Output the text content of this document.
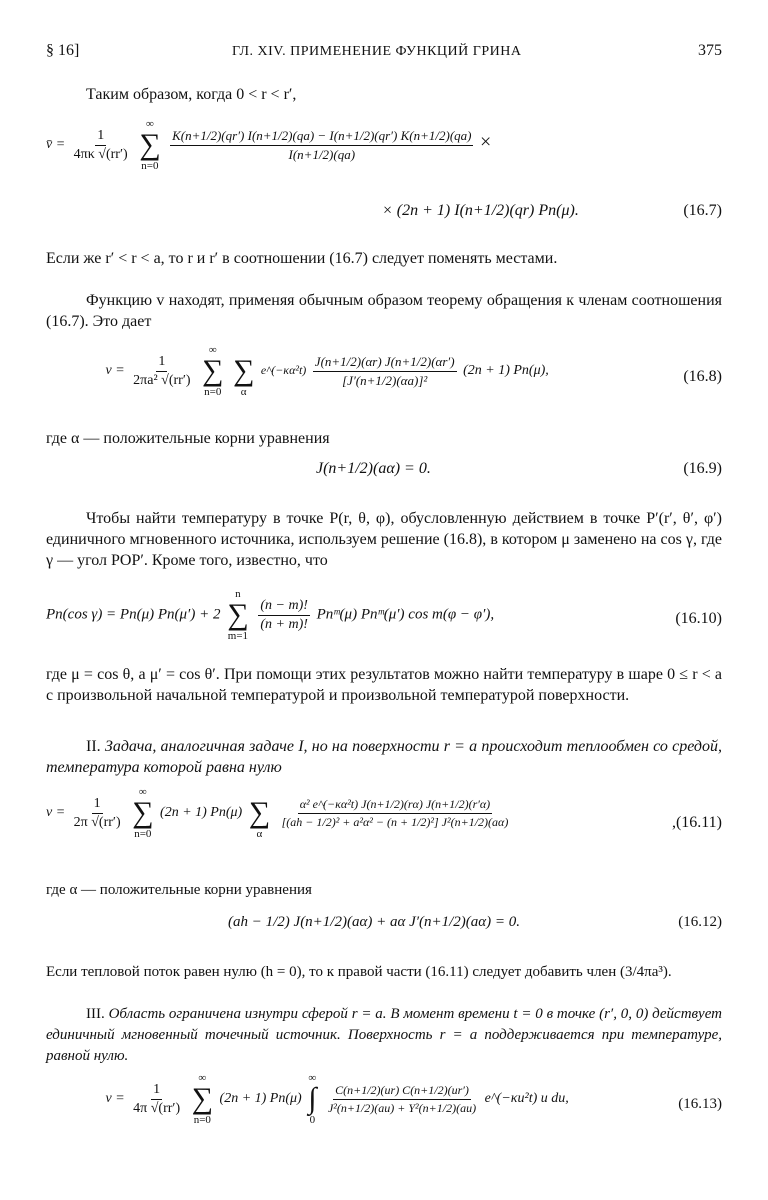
§ 16]	ГЛ. XIV. ПРИМЕНЕНИЕ ФУНКЦИЙ ГРИНА	375
Таким образом, когда 0 < r < r′,
v̄ = $\frac{1}{4\pi\kappa √(rr')}$

∞
∑
n=0

$\frac{K(n+1/2)(qr') I(n+1/2)(qa) - I(n+1/2)(qr') K(n+1/2)(qa)}{I(n+1/2)(qa)}$ ×
× (2n + 1) I(n+1/2)(qr) Pn(μ).	(16.7)
Если же r′ < r < a, то r и r′ в соотношении (16.7) следует поменять местами.
Функцию v находят, применяя обычным образом теорему обращения к членам соотношения (16.7). Это дает
$v = \frac{1}{\text{2πa² √(rr′)}}$

∞
∑
n=0

∑
α
e^(−κα²t) $\frac{J(n+1/2)(\alpha r) J(n+1/2)(\alpha r')}{\text{[J′(n+1/2)(αa)]²}} (2n + 1)$ Pn(μ),	(16.8)
где α — положительные корни уравнения
J(n+1/2)(aα) = 0.	(16.9)
Чтобы найти температуру в точке P(r, θ, φ), обусловленную действием в точке P′(r′, θ′, φ′) единичного мгновенного источника, используем решение (16.8), в котором μ заменено на cos γ, где γ — угол POP′. Кроме того, известно, что
Pn(cos γ) = Pn(μ) Pn(μ′) + 2
n
∑
m=1

$\frac{(n - m)!}{(n + m)!}$ Pnᵐ(μ) Pnᵐ(μ′) cos m(φ − φ′),	(16.10)
где μ = cos θ, а μ′ = cos θ′. При помощи этих результатов можно найти температуру в шаре 0 ≤ r < a с произвольной начальной температурой и произвольной температурой поверхности.
II. Задача, аналогичная задаче I, но на поверхности r = a происходит теплообмен со средой, температура которой равна нулю
$v = \frac{1}{2\pi √(rr')}$

∞
∑
n=0
(2n + 1) Pn(μ)
∑
α

$\frac{\text{α² e\textasciicircum{}(−κα²t) J(n+1/2)(rα) J(n+1/2)(r′α)}}{\text{[(ah − 1/2)² + a²α² − (n + 1/2)²] J²(n+1/2)(aα)}}$	,(16.11)
где α — положительные корни уравнения
(ah − 1/2) J(n+1/2)(aα) + aα J′(n+1/2)(aα) = 0.	(16.12)
Если тепловой поток равен нулю (h = 0), то к правой части (16.11) следует добавить член (3/4πa³).
III. Область ограничена изнутри сферой r = a. В момент времени t = 0 в точке (r′, 0, 0) действует единичный мгновенный точечный источник. Поверхность r = a поддерживается при температуре, равной нулю.
$v = \frac{1}{4\pi √(rr')}$

∞
∑
n=0
(2n + 1) Pn(μ)
∞
∫
0

$\frac{C(n+1/2)(ur) C(n+1/2)(ur')}{\text{J²(n+1/2)(au) + Y²(n+1/2)(au)}}$ e^(−κu²t) u du,	(16.13)
